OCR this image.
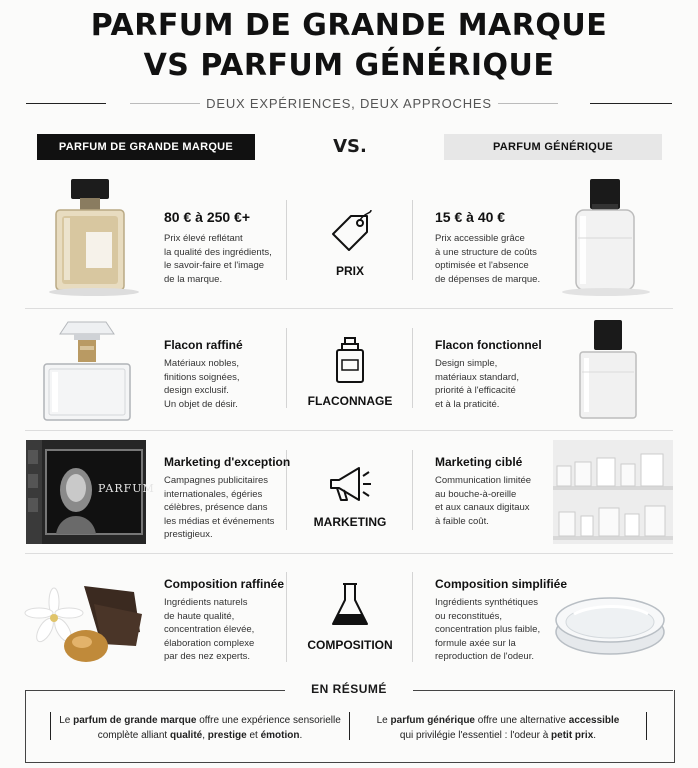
PARFUM DE GRANDE MARQUE
VS PARFUM GÉNÉRIQUE
DEUX EXPÉRIENCES, DEUX APPROCHES
PARFUM DE GRANDE MARQUE	VS.	PARFUM GÉNÉRIQUE
80 € à 250 €+
Prix élevé reflétant
la qualité des ingrédients,
le savoir-faire et l'image
de la marque.
PRIX
15 € à 40 €
Prix accessible grâce
à une structure de coûts
optimisée et l'absence
de dépenses de marque.
Flacon raffiné
Matériaux nobles,
finitions soignées,
design exclusif.
Un objet de désir.	FLACONNAGE
Flacon fonctionnel
Design simple,
matériaux standard,
priorité à l'efficacité
et à la praticité.
PARFUM
Marketing d'exception
Campagnes publicitaires
internationales, égéries
célèbres, présence dans
les médias et événements
prestigieux.
MARKETING
Marketing ciblé
Communication limitée
au bouche-à-oreille
et aux canaux digitaux
à faible coût.
Composition raffinée
Ingrédients naturels
de haute qualité,
concentration élevée,
élaboration complexe
par des nez experts.
COMPOSITION
Composition simplifiée
Ingrédients synthétiques
ou reconstitués,
concentration plus faible,
formule axée sur la
reproduction de l'odeur.
EN RÉSUMÉ
Le parfum de grande marque offre une expérience sensorielle
complète alliant qualité, prestige et émotion.
Le parfum générique offre une alternative accessible
qui privilégie l'essentiel : l'odeur à petit prix.
